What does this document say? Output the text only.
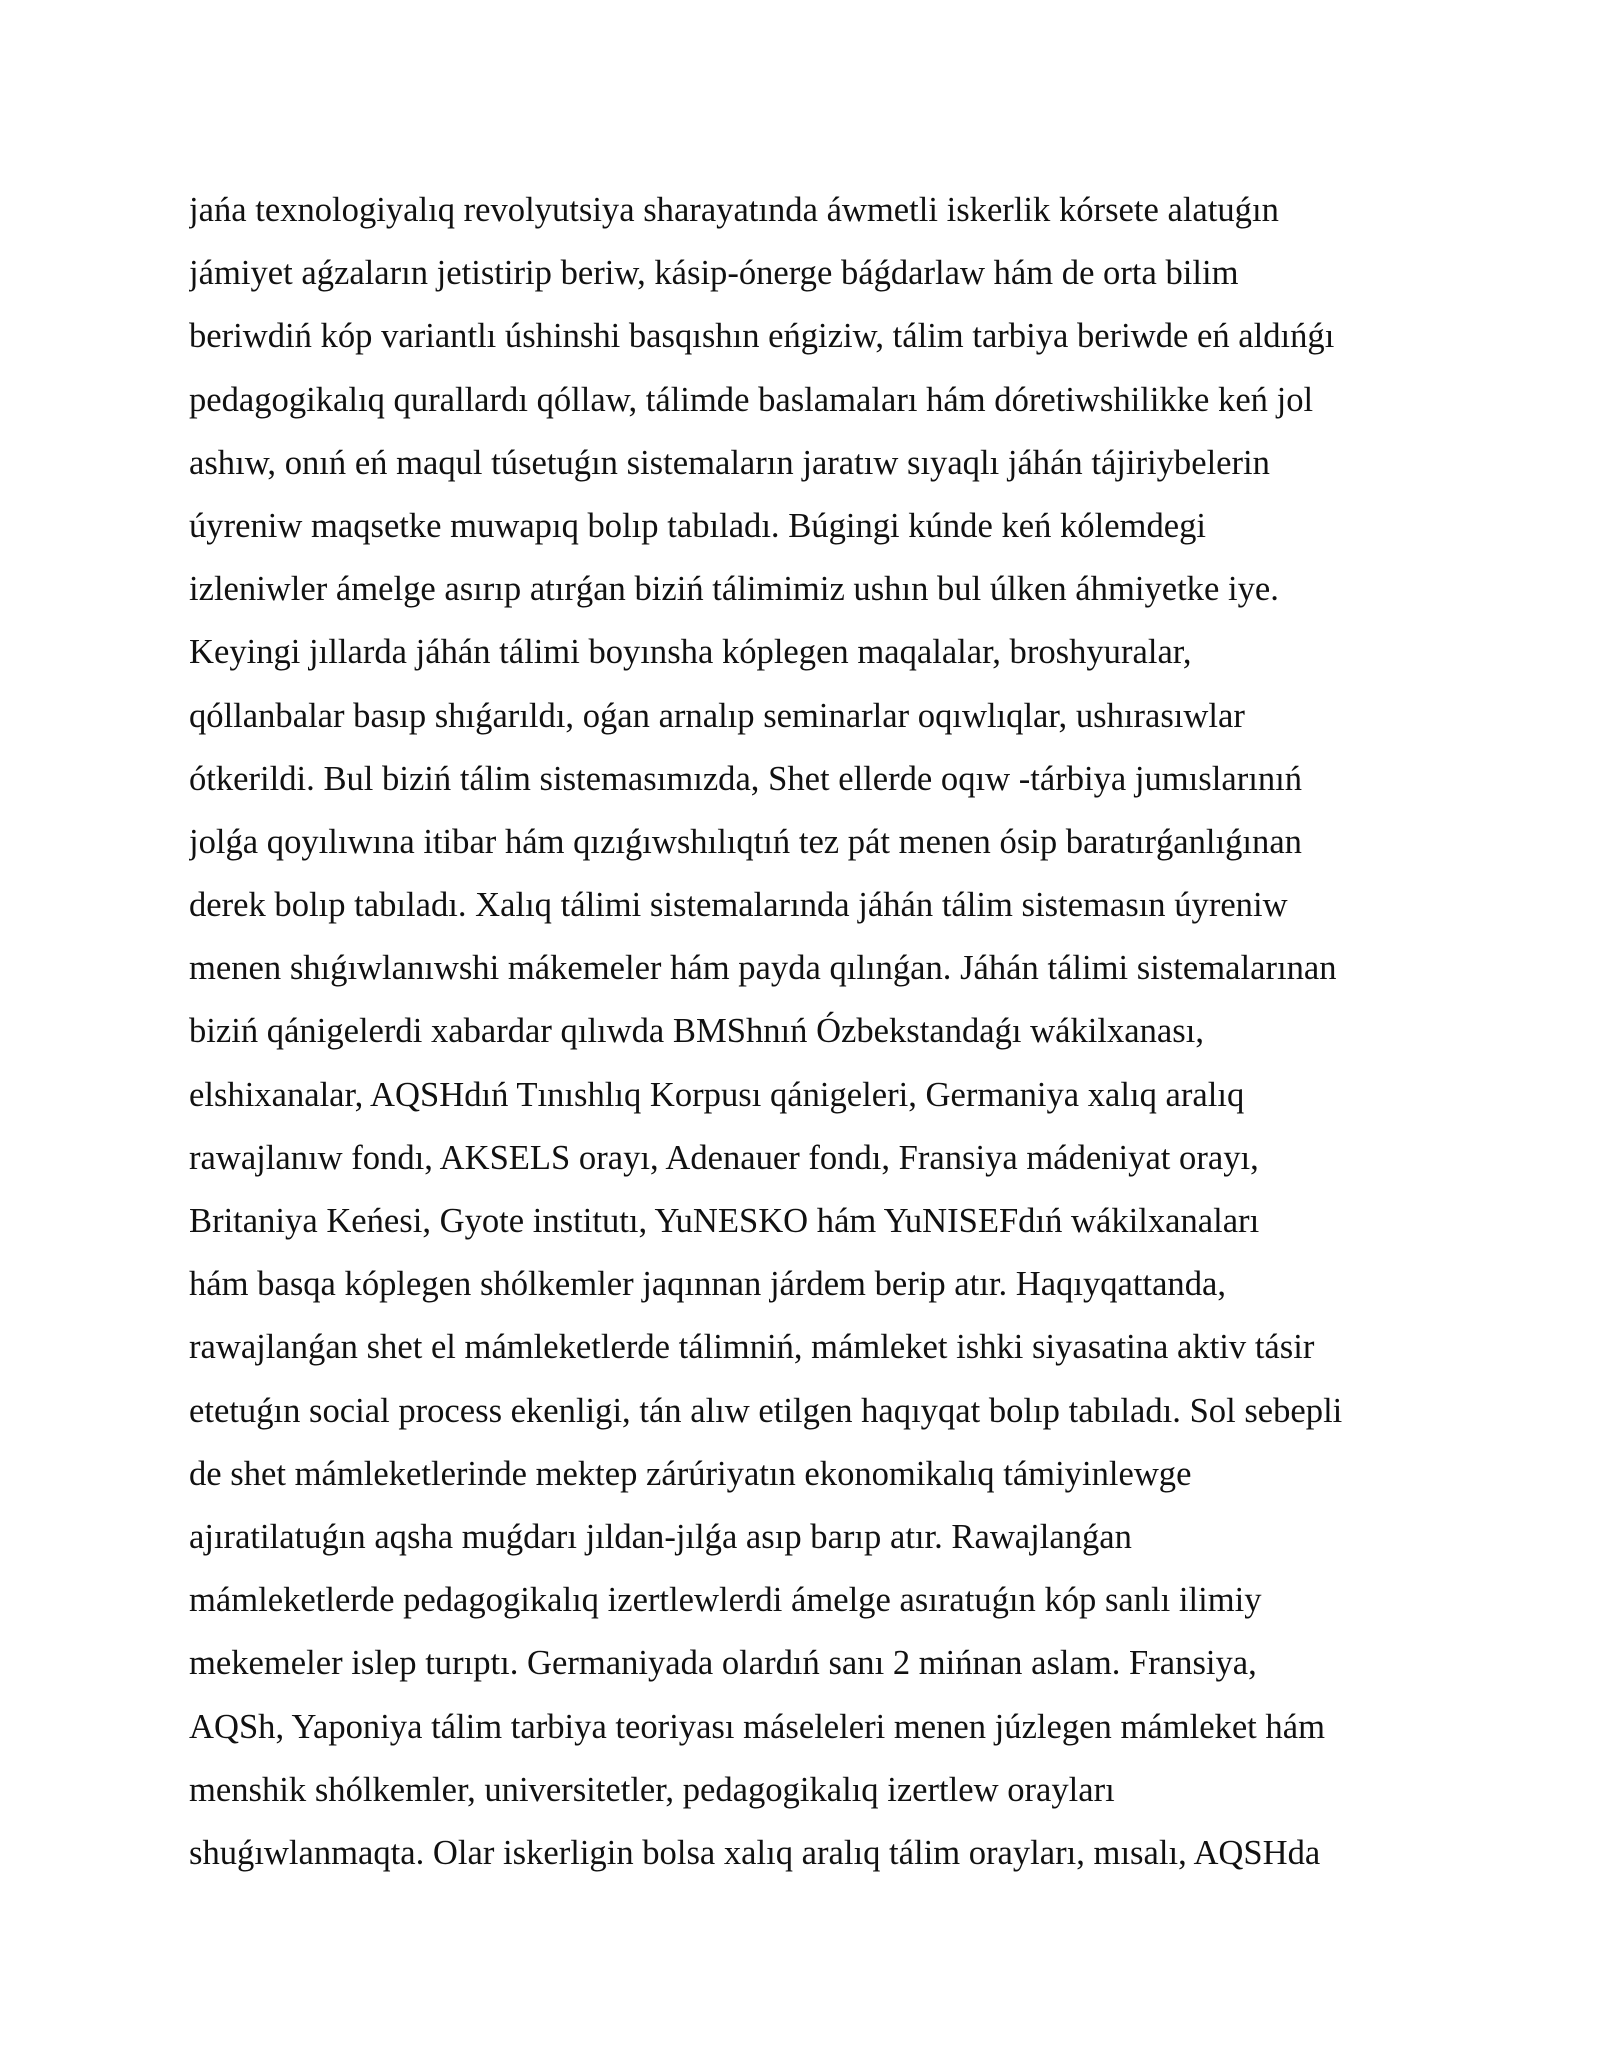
jańa texnologiyalıq revolyutsiya sharayatında áwmetli iskerlik kórsete alatuǵın
jámiyet aǵzaların jetistirip beriw, kásip-ónerge báǵdarlaw hám de orta bilim
beriwdiń kóp variantlı úshinshi basqıshın eńgiziw, tálim tarbiya beriwde eń aldıńǵı
pedagogikalıq qurallardı qóllaw, tálimde baslamaları hám dóretiwshilikke keń jol
ashıw, onıń eń maqul túsetuǵın sistemaların jaratıw sıyaqlı jáhán tájiriybelerin
úyreniw maqsetke muwapıq bolıp tabıladı. Búgingi kúnde keń kólemdegi
izleniwler ámelge asırıp atırǵan biziń tálimimiz ushın bul úlken áhmiyetke iye.
Keyingi jıllarda jáhán tálimi boyınsha kóplegen maqalalar, broshyuralar,
qóllanbalar basıp shıǵarıldı, oǵan arnalıp seminarlar oqıwlıqlar, ushırasıwlar
ótkerildi. Bul biziń tálim sistemasımızda, Shet ellerde oqıw -tárbiya jumıslarınıń
jolǵa qoyılıwına itibar hám qızıǵıwshılıqtıń tez pát menen ósip baratırǵanlıǵınan
derek bolıp tabıladı. Xalıq tálimi sistemalarında jáhán tálim sistemasın úyreniw
menen shıǵıwlanıwshi mákemeler hám payda qılınǵan. Jáhán tálimi sistemalarınan
biziń qánigelerdi xabardar qılıwda BMShnıń Ózbekstandaǵı wákilxanası,
elshixanalar, AQSHdıń Tınıshlıq Korpusı qánigeleri, Germaniya xalıq aralıq
rawajlanıw fondı, AKSELS orayı, Adenauer fondı, Fransiya mádeniyat orayı,
Britaniya Keńesi, Gyote institutı, YuNESKO hám YuNISEFdıń wákilxanaları
hám basqa kóplegen shólkemler jaqınnan járdem berip atır. Haqıyqattanda,
rawajlanǵan shet el mámleketlerde tálimniń, mámleket ishki siyasatina aktiv tásir
etetuǵın social process ekenligi, tán alıw etilgen haqıyqat bolıp tabıladı. Sol sebepli
de shet mámleketlerinde mektep zárúriyatın ekonomikalıq támiyinlewge
ajıratilatuǵın aqsha muǵdarı jıldan-jılǵa asıp barıp atır. Rawajlanǵan
mámleketlerde pedagogikalıq izertlewlerdi ámelge asıratuǵın kóp sanlı ilimiy
mekemeler islep turıptı. Germaniyada olardıń sanı 2 mińnan aslam. Fransiya,
AQSh, Yaponiya tálim tarbiya teoriyası máseleleri menen júzlegen mámleket hám
menshik shólkemler, universitetler, pedagogikalıq izertlew orayları
shuǵıwlanmaqta. Olar iskerligin bolsa xalıq aralıq tálim orayları, mısalı, AQSHda
